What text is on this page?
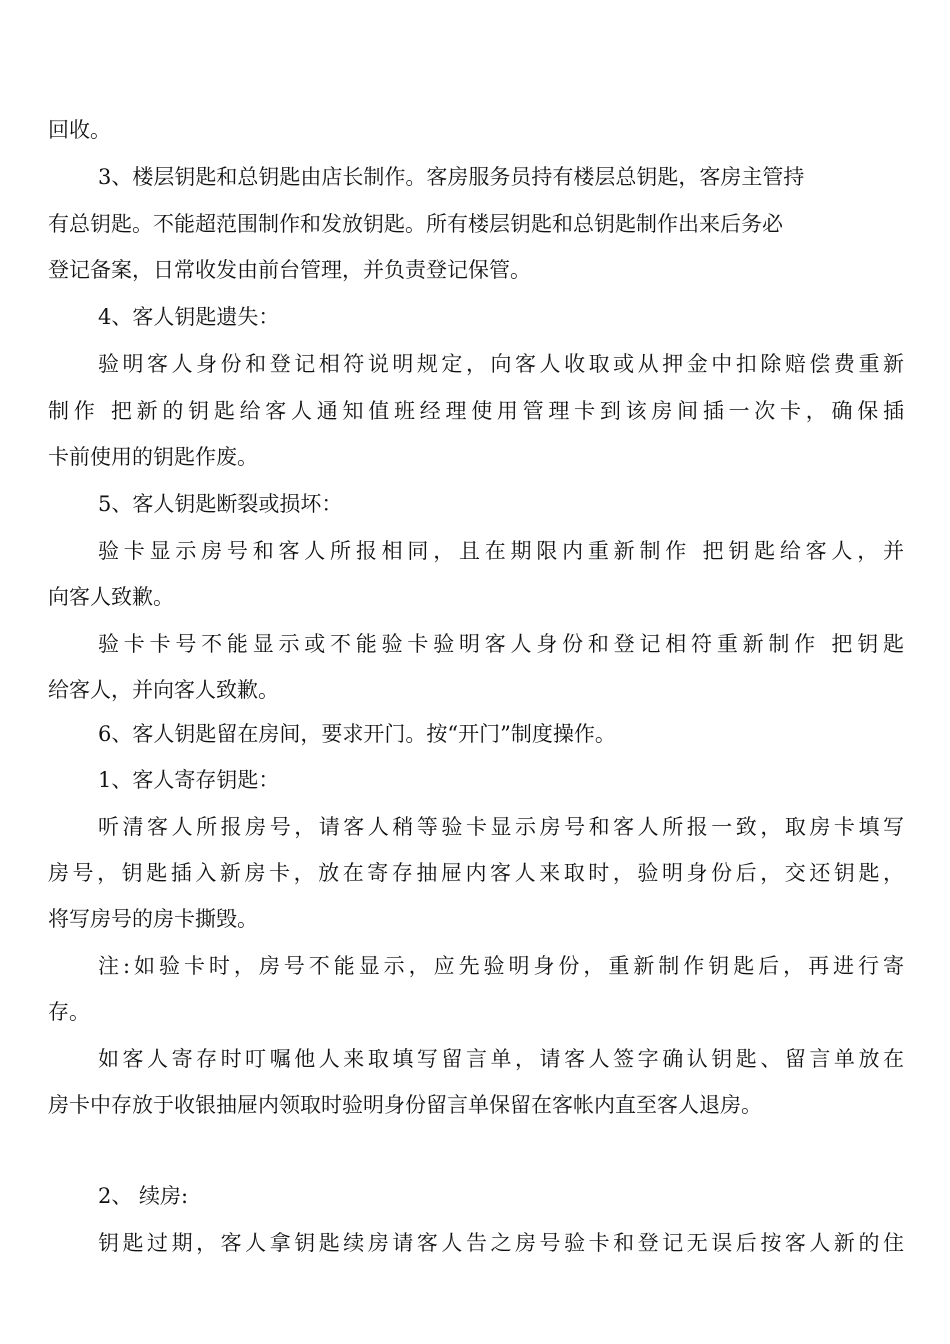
回收。

3、楼层钥匙和总钥匙由店长制作。客房服务员持有楼层总钥匙，客房主管持

有总钥匙。不能超范围制作和发放钥匙。所有楼层钥匙和总钥匙制作出来后务必

登记备案，日常收发由前台管理，并负责登记保管。

4、客人钥匙遗失：

验明客人身份和登记相符说明规定，向客人收取或从押金中扣除赔偿费重新

制作 把新的钥匙给客人通知值班经理使用管理卡到该房间插一次卡，确保插

卡前使用的钥匙作废。

5、客人钥匙断裂或损坏：

验卡显示房号和客人所报相同，且在期限内重新制作 把钥匙给客人，并

向客人致歉。

验卡卡号不能显示或不能验卡验明客人身份和登记相符重新制作 把钥匙

给客人，并向客人致歉。

6、客人钥匙留在房间，要求开门。按“开门”制度操作。

1、客人寄存钥匙：

听清客人所报房号，请客人稍等验卡显示房号和客人所报一致，取房卡填写

房号，钥匙插入新房卡，放在寄存抽屉内客人来取时，验明身份后，交还钥匙，

将写房号的房卡撕毁。

注:如验卡时，房号不能显示，应先验明身份，重新制作钥匙后，再进行寄

存。

如客人寄存时叮嘱他人来取填写留言单，请客人签字确认钥匙、留言单放在

房卡中存放于收银抽屉内领取时验明身份留言单保留在客帐内直至客人退房。

2、 续房:

钥匙过期，客人拿钥匙续房请客人告之房号验卡和登记无误后按客人新的住
